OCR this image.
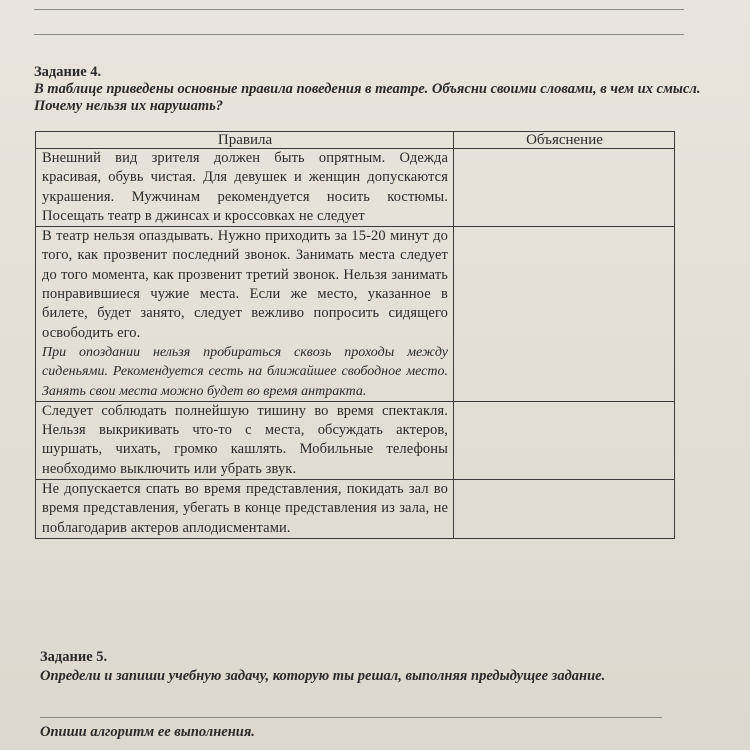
Задание 4.
В таблице приведены основные правила поведения в театре. Объясни своими словами, в чем их смысл. Почему нельзя их нарушать?
Правила	Объяснение

Внешний вид зрителя должен быть опрятным. Одежда красивая, обувь чистая. Для девушек и женщин допускаются украшения. Мужчинам рекомендуется носить костюмы. Посещать театр в джинсах и кроссовках не следует	

В театр нельзя опаздывать. Нужно приходить за 15-20 минут до того, как прозвенит последний звонок. Занимать места следует до того момента, как прозвенит третий звонок. Нельзя занимать понравившиеся чужие места. Если же место, указанное в билете, будет занято, следует вежливо попросить сидящего освободить его.
При опоздании нельзя пробираться сквозь проходы между сиденьями. Рекомендуется сесть на ближайшее свободное место. Занять свои места можно будет во время антракта.	

Следует соблюдать полнейшую тишину во время спектакля. Нельзя выкрикивать что-то с места, обсуждать актеров, шуршать, чихать, громко кашлять. Мобильные телефоны необходимо выключить или убрать звук.	

Не допускается спать во время представления, покидать зал во время представления, убегать в конце представления из зала, не поблагодарив актеров аплодисментами.	

Задание 5.
Определи и запиши учебную задачу, которую ты решал, выполняя предыдущее задание.
Опиши алгоритм ее выполнения.
